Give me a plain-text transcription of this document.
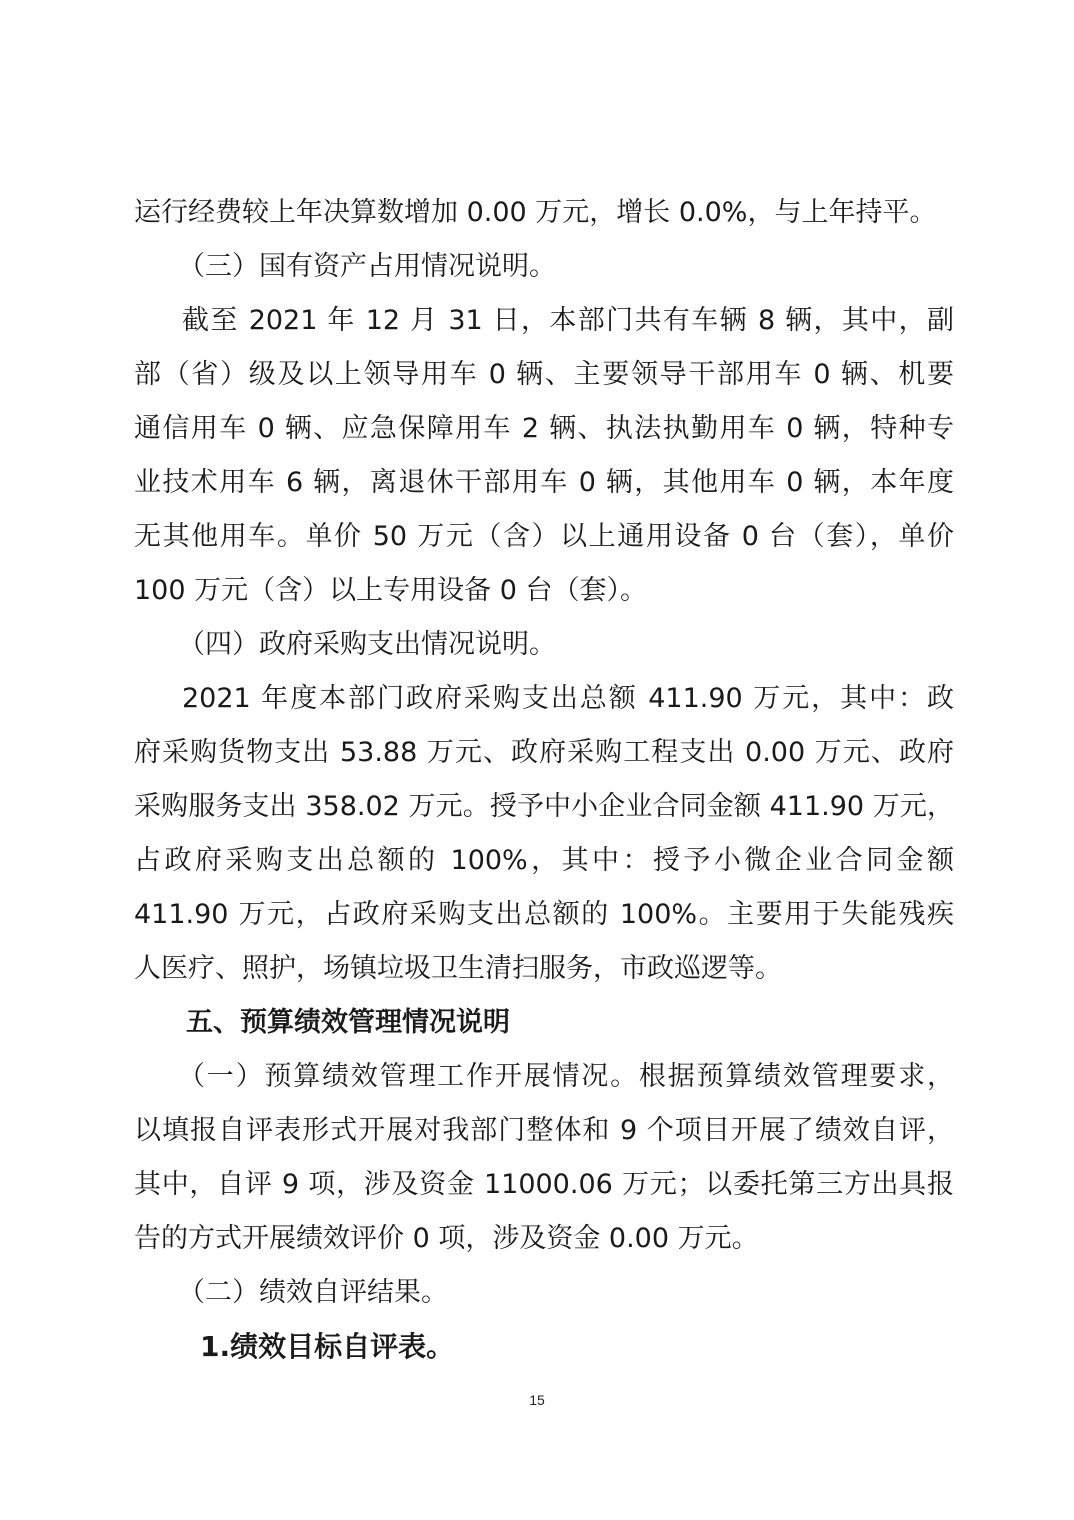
运行经费较上年决算数增加 0.00 万元，增长 0.0%，与上年持平。
（三）国有资产占用情况说明。
截至 2021 年 12 月 31 日，本部门共有车辆 8 辆，其中，副
部（省）级及以上领导用车 0 辆、主要领导干部用车 0 辆、机要
通信用车 0 辆、应急保障用车 2 辆、执法执勤用车 0 辆，特种专
业技术用车 6 辆，离退休干部用车 0 辆，其他用车 0 辆，本年度
无其他用车。单价 50 万元（含）以上通用设备 0 台（套），单价
100 万元（含）以上专用设备 0 台（套）。
（四）政府采购支出情况说明。
2021 年度本部门政府采购支出总额 411.90 万元，其中：政
府采购货物支出 53.88 万元、政府采购工程支出 0.00 万元、政府
采购服务支出 358.02 万元。授予中小企业合同金额 411.90 万元，
占政府采购支出总额的 100%，其中：授予小微企业合同金额
411.90 万元，占政府采购支出总额的 100%。主要用于失能残疾
人医疗、照护，场镇垃圾卫生清扫服务，市政巡逻等。
五、预算绩效管理情况说明
（一）预算绩效管理工作开展情况。根据预算绩效管理要求，
以填报自评表形式开展对我部门整体和 9 个项目开展了绩效自评，
其中，自评 9 项，涉及资金 11000.06 万元；以委托第三方出具报
告的方式开展绩效评价 0 项，涉及资金 0.00 万元。
（二）绩效自评结果。
1.绩效目标自评表。
15
